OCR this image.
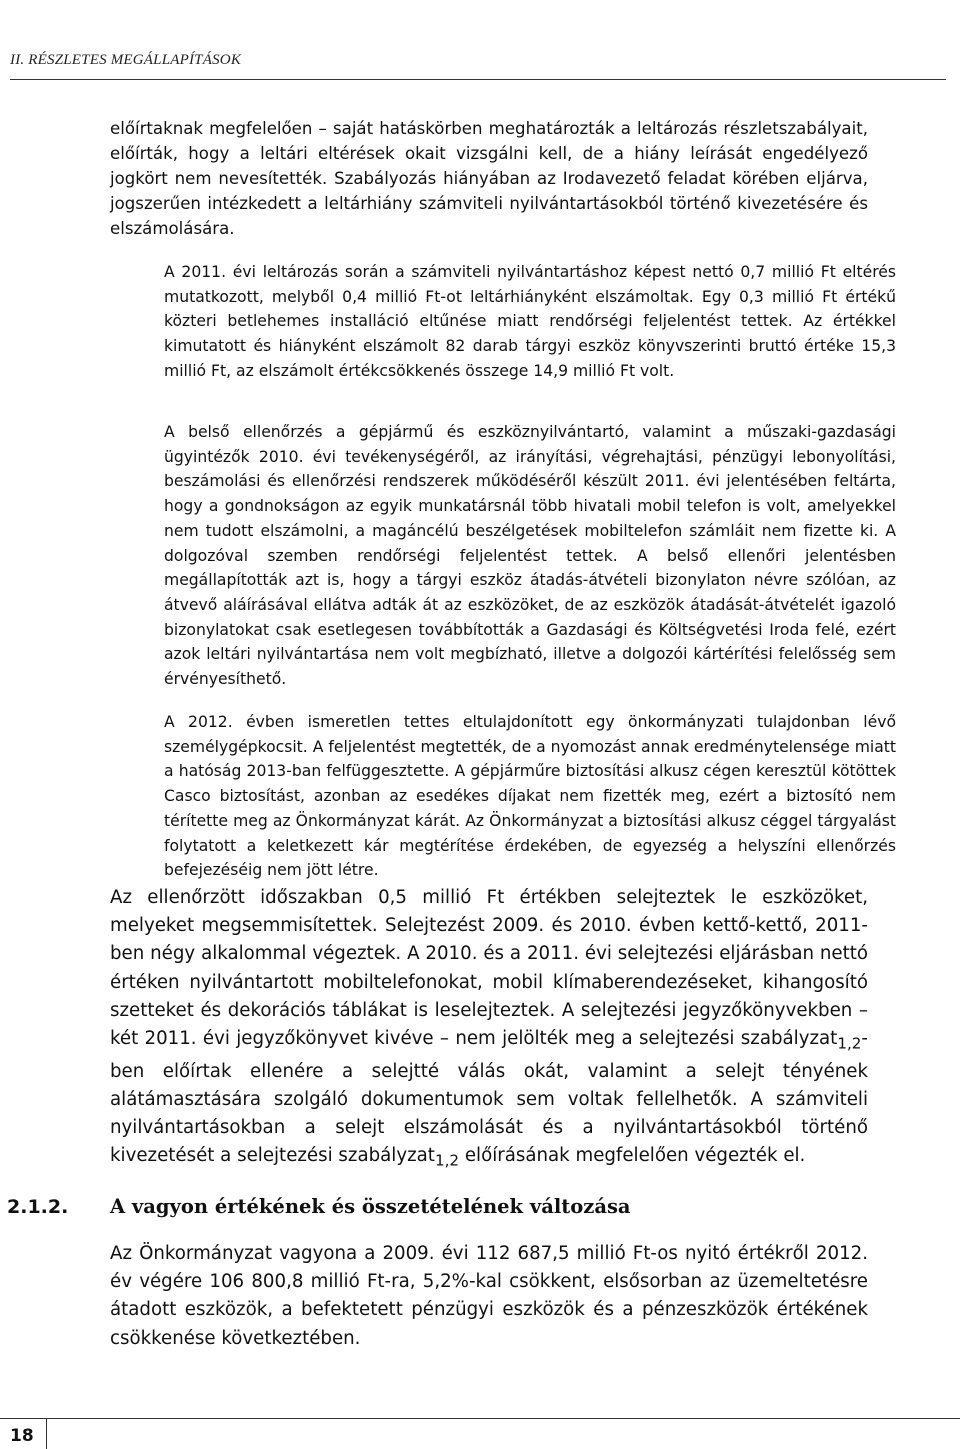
II. RÉSZLETES MEGÁLLAPÍTÁSOK

előírtaknak megfelelően – saját hatáskörben meghatározták a leltározás részletszabályait, előírták, hogy a leltári eltérések okait vizsgálni kell, de a hiány leírását engedélyező jogkört nem nevesítették. Szabályozás hiányában az Irodavezető feladat körében eljárva, jogszerűen intézkedett a leltárhiány számviteli nyilvántartásokból történő kivezetésére és elszámolására.

A 2011. évi leltározás során a számviteli nyilvántartáshoz képest nettó 0,7 millió Ft eltérés mutatkozott, melyből 0,4 millió Ft-ot leltárhiányként elszámoltak. Egy 0,3 millió Ft értékű közteri betlehemes installáció eltűnése miatt rendőrségi feljelentést tettek. Az értékkel kimutatott és hiányként elszámolt 82 darab tárgyi eszköz könyvszerinti bruttó értéke 15,3 millió Ft, az elszámolt értékcsökkenés összege 14,9 millió Ft volt.

A belső ellenőrzés a gépjármű és eszköznyilvántartó, valamint a műszaki-gazdasági ügyintézők 2010. évi tevékenységéről, az irányítási, végrehajtási, pénzügyi lebonyolítási, beszámolási és ellenőrzési rendszerek működéséről készült 2011. évi jelentésében feltárta, hogy a gondnokságon az egyik munkatársnál több hivatali mobil telefon is volt, amelyekkel nem tudott elszámolni, a magáncélú beszélgetések mobiltelefon számláit nem fizette ki. A dolgozóval szemben rendőrségi feljelentést tettek. A belső ellenőri jelentésben megállapították azt is, hogy a tárgyi eszköz átadás-átvételi bizonylaton névre szólóan, az átvevő aláírásával ellátva adták át az eszközöket, de az eszközök átadását-átvételét igazoló bizonylatokat csak esetlegesen továbbították a Gazdasági és Költségvetési Iroda felé, ezért azok leltári nyilvántartása nem volt megbízható, illetve a dolgozói kártérítési felelősség sem érvényesíthető.

A 2012. évben ismeretlen tettes eltulajdonított egy önkormányzati tulajdonban lévő személygépkocsit. A feljelentést megtették, de a nyomozást annak eredménytelensége miatt a hatóság 2013-ban felfüggesztette. A gépjárműre biztosítási alkusz cégen keresztül kötöttek Casco biztosítást, azonban az esedékes díjakat nem fizették meg, ezért a biztosító nem térítette meg az Önkormányzat kárát. Az Önkormányzat a biztosítási alkusz céggel tárgyalást folytatott a keletkezett kár megtérítése érdekében, de egyezség a helyszíni ellenőrzés befejezéséig nem jött létre.

Az ellenőrzött időszakban 0,5 millió Ft értékben selejteztek le eszközöket, melyeket megsemmisítettek. Selejtezést 2009. és 2010. évben kettő-kettő, 2011-ben négy alkalommal végeztek. A 2010. és a 2011. évi selejtezési eljárásban nettó értéken nyilvántartott mobiltelefonokat, mobil klímaberendezéseket, kihangosító szetteket és dekorációs táblákat is leselejteztek. A selejtezési jegyzőkönyvekben – két 2011. évi jegyzőkönyvet kivéve – nem jelölték meg a selejtezési szabályzat$_{1,2}$-ben előírtak ellenére a selejtté válás okát, valamint a selejt tényének alátámasztására szolgáló dokumentumok sem voltak fellelhetők. A számviteli nyilvántartásokban a selejt elszámolását és a nyilvántartásokból történő kivezetését a selejtezési szabályzat$_{1,2}$ előírásának megfelelően végezték el.

2.1.2. A vagyon értékének és összetételének változása

Az Önkormányzat vagyona a 2009. évi 112 687,5 millió Ft-os nyitó értékről 2012. év végére 106 800,8 millió Ft-ra, 5,2%-kal csökkent, elsősorban az üzemeltetésre átadott eszközök, a befektetett pénzügyi eszközök és a pénzeszközök értékének csökkenése következtében.

18
